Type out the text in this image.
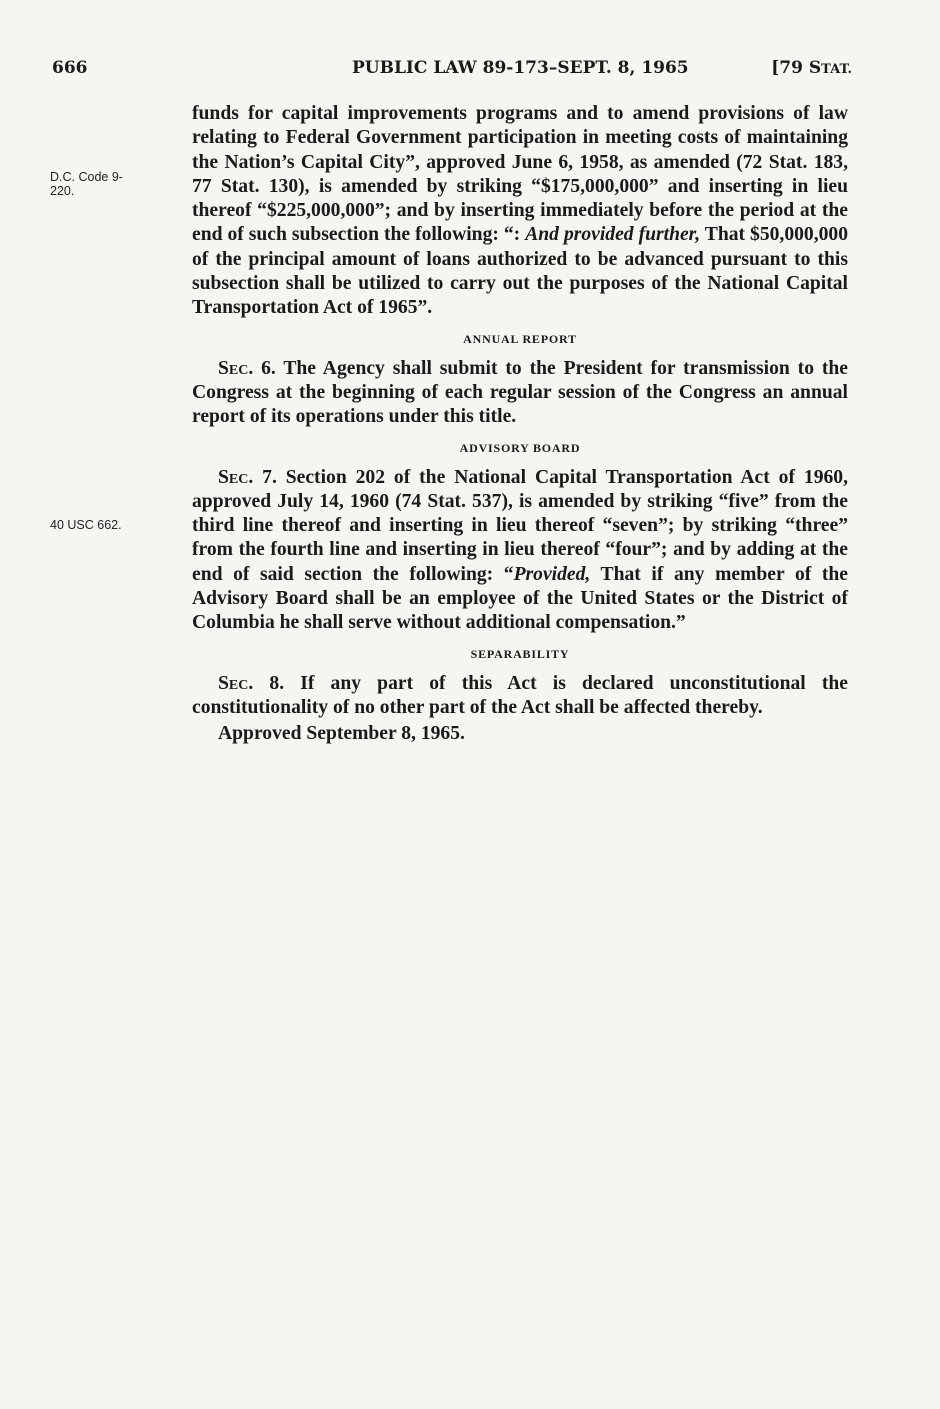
666	PUBLIC LAW 89-173–SEPT. 8, 1965	[79 STAT.
D.C. Code 9-
220.
40 USC 662.

funds for capital improvements programs and to amend provisions of law relating to Federal Government participation in meeting costs of maintaining the Nation’s Capital City”, approved June 6, 1958, as amended (72 Stat. 183, 77 Stat. 130), is amended by striking “$175,000,000” and inserting in lieu thereof “$225,000,000”; and by inserting immediately before the period at the end of such subsection the following: “: And provided further, That $50,000,000 of the principal amount of loans authorized to be advanced pursuant to this subsection shall be utilized to carry out the purposes of the National Capital Transportation Act of 1965”.

ANNUAL REPORT

Sec. 6. The Agency shall submit to the President for transmission to the Congress at the beginning of each regular session of the Congress an annual report of its operations under this title.

ADVISORY BOARD

Sec. 7. Section 202 of the National Capital Transportation Act of 1960, approved July 14, 1960 (74 Stat. 537), is amended by striking “five” from the third line thereof and inserting in lieu thereof “seven”; by striking “three” from the fourth line and inserting in lieu thereof “four”; and by adding at the end of said section the following: “Provided, That if any member of the Advisory Board shall be an employee of the United States or the District of Columbia he shall serve without additional compensation.”

SEPARABILITY

Sec. 8. If any part of this Act is declared unconstitutional the constitutionality of no other part of the Act shall be affected thereby.

Approved September 8, 1965.
